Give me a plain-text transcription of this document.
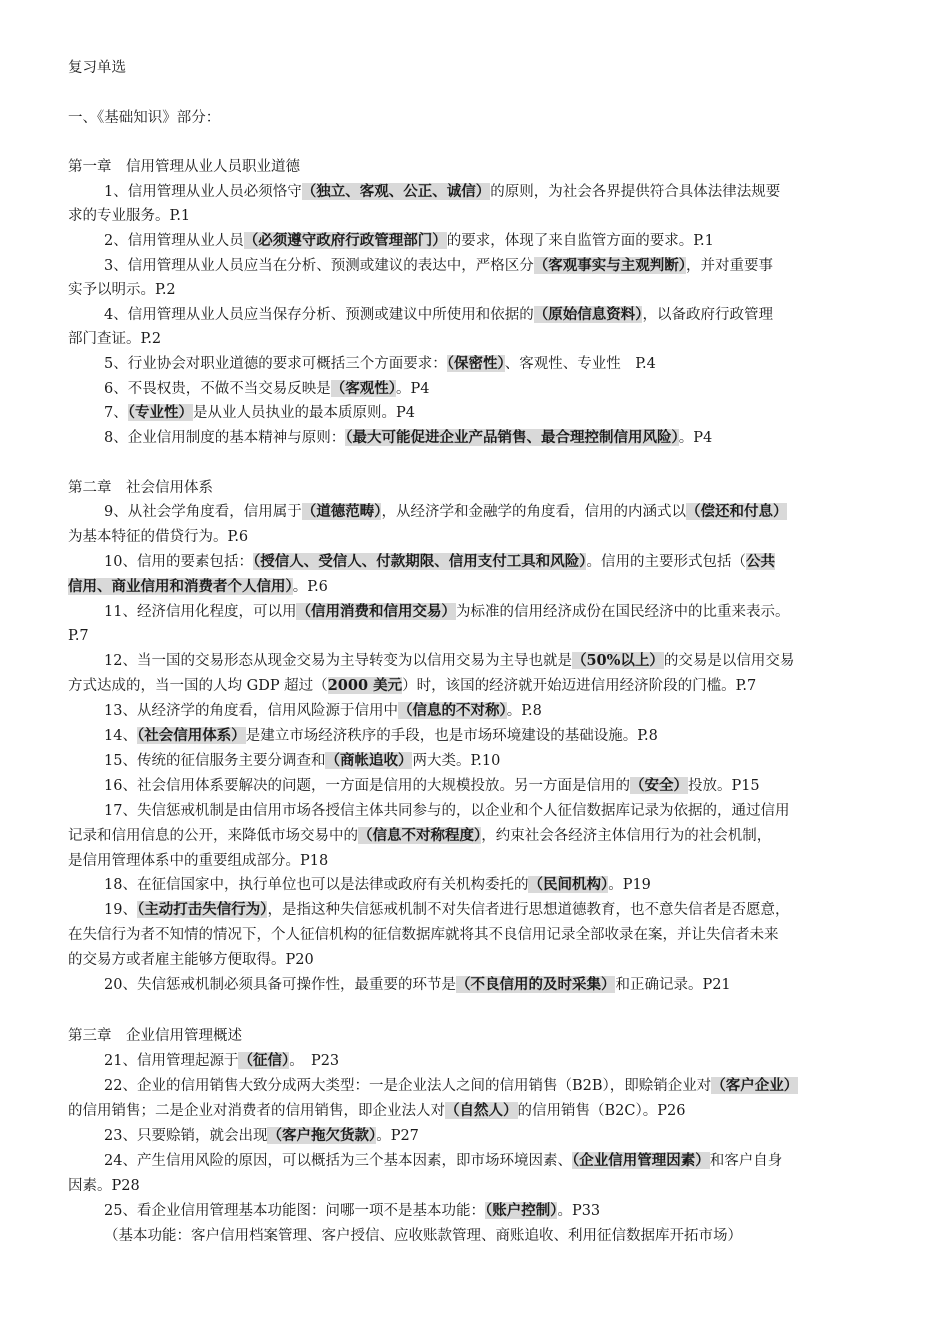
复习单选
一、《基础知识》部分：
第一章　信用管理从业人员职业道德
1、信用管理从业人员必须恪守（独立、客观、公正、诚信）的原则，为社会各界提供符合具体法律法规要
求的专业服务。P.1
2、信用管理从业人员（必须遵守政府行政管理部门）的要求，体现了来自监管方面的要求。P.1
3、信用管理从业人员应当在分析、预测或建议的表达中，严格区分（客观事实与主观判断），并对重要事
实予以明示。P.2
4、信用管理从业人员应当保存分析、预测或建议中所使用和依据的（原始信息资料），以备政府行政管理
部门查证。P.2
5、行业协会对职业道德的要求可概括三个方面要求：（保密性）、客观性、专业性　P.4
6、不畏权贵，不做不当交易反映是（客观性）。P4
7、（专业性）是从业人员执业的最本质原则。P4
8、企业信用制度的基本精神与原则：（最大可能促进企业产品销售、最合理控制信用风险）。P4
第二章　社会信用体系
9、从社会学角度看，信用属于（道德范畴），从经济学和金融学的角度看，信用的内涵式以（偿还和付息）
为基本特征的借贷行为。P.6
10、信用的要素包括：（授信人、受信人、付款期限、信用支付工具和风险）。信用的主要形式包括（公共
信用、商业信用和消费者个人信用）。P.6
11、经济信用化程度，可以用（信用消费和信用交易）为标准的信用经济成份在国民经济中的比重来表示。
P.7
12、当一国的交易形态从现金交易为主导转变为以信用交易为主导也就是（50%以上）的交易是以信用交易
方式达成的，当一国的人均 GDP 超过（2000 美元）时，该国的经济就开始迈进信用经济阶段的门槛。P.7
13、从经济学的角度看，信用风险源于信用中（信息的不对称）。P.8
14、（社会信用体系）是建立市场经济秩序的手段，也是市场环境建设的基础设施。P.8
15、传统的征信服务主要分调查和（商帐追收）两大类。P.10
16、社会信用体系要解决的问题，一方面是信用的大规模投放。另一方面是信用的（安全）投放。P15
17、失信惩戒机制是由信用市场各授信主体共同参与的，以企业和个人征信数据库记录为依据的，通过信用
记录和信用信息的公开，来降低市场交易中的（信息不对称程度），约束社会各经济主体信用行为的社会机制，
是信用管理体系中的重要组成部分。P18
18、在征信国家中，执行单位也可以是法律或政府有关机构委托的（民间机构）。P19
19、（主动打击失信行为），是指这种失信惩戒机制不对失信者进行思想道德教育，也不意失信者是否愿意，
在失信行为者不知情的情况下，个人征信机构的征信数据库就将其不良信用记录全部收录在案，并让失信者未来
的交易方或者雇主能够方便取得。P20
20、失信惩戒机制必须具备可操作性，最重要的环节是（不良信用的及时采集）和正确记录。P21
第三章　企业信用管理概述
21、信用管理起源于（征信）。　P23
22、企业的信用销售大致分成两大类型：一是企业法人之间的信用销售（B2B），即赊销企业对（客户企业）
的信用销售；二是企业对消费者的信用销售，即企业法人对（自然人）的信用销售（B2C）。P26
23、只要赊销，就会出现（客户拖欠货款）。P27
24、产生信用风险的原因，可以概括为三个基本因素，即市场环境因素、（企业信用管理因素）和客户自身
因素。P28
25、看企业信用管理基本功能图：问哪一项不是基本功能：（账户控制）。P33
（基本功能：客户信用档案管理、客户授信、应收账款管理、商账追收、利用征信数据库开拓市场）
